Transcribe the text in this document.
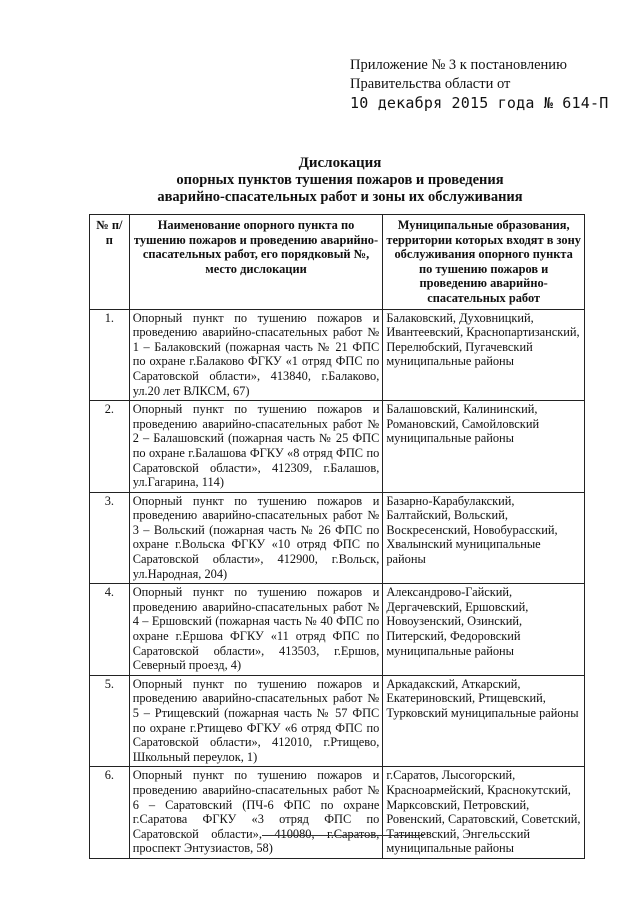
Приложение № 3 к постановлению
Правительства области от
10 декабря 2015 года № 614-П
Дислокация
опорных пунктов тушения пожаров и проведения
аварийно-спасательных работ и зоны их обслуживания
№ п/п	Наименование опорного пункта по тушению пожаров и проведению аварийно-спасательных работ, его порядковый №, место дислокации	Муниципальные образования, территории которых входят в зону обслуживания опорного пункта по тушению пожаров и проведению аварийно-спасательных работ
1.	Опорный пункт по тушению пожаров и проведению аварийно-спасательных работ № 1 – Балаковский (пожарная часть № 21 ФПС по охране г.Балаково ФГКУ «1 отряд ФПС по Саратовской области», 413840, г.Балаково, ул.20 лет ВЛКСМ, 67)	Балаковский, Духовницкий, Ивантеевский, Краснопартизанский, Перелюбский, Пугачевский муниципальные районы
2.	Опорный пункт по тушению пожаров и проведению аварийно-спасательных работ № 2 – Балашовский (пожарная часть № 25 ФПС по охране г.Балашова ФГКУ «8 отряд ФПС по Саратовской области», 412309, г.Балашов, ул.Гагарина, 114)	Балашовский, Калининский, Романовский, Самойловский муниципальные районы
3.	Опорный пункт по тушению пожаров и проведению аварийно-спасательных работ № 3 – Вольский (пожарная часть № 26 ФПС по охране г.Вольска ФГКУ «10 отряд ФПС по Саратовской области», 412900, г.Вольск, ул.Народная, 204)	Базарно-Карабулакский, Балтайский, Вольский, Воскресенский, Новобурасский, Хвалынский муниципальные районы
4.	Опорный пункт по тушению пожаров и проведению аварийно-спасательных работ № 4 – Ершовский (пожарная часть № 40 ФПС по охране г.Ершова ФГКУ «11 отряд ФПС по Саратовской области», 413503, г.Ершов, Северный проезд, 4)	Александрово-Гайский, Дергачевский, Ершовский, Новоузенский, Озинский, Питерский, Федоровский муниципальные районы
5.	Опорный пункт по тушению пожаров и проведению аварийно-спасательных работ № 5 – Ртищевский (пожарная часть № 57 ФПС по охране г.Ртищево ФГКУ «6 отряд ФПС по Саратовской области», 412010, г.Ртищево, Школьный переулок, 1)	Аркадакский, Аткарский, Екатериновский, Ртищевский, Турковский муниципальные районы
6.	Опорный пункт по тушению пожаров и проведению аварийно-спасательных работ № 6 – Саратовский (ПЧ-6 ФПС по охране г.Саратова ФГКУ «3 отряд ФПС по Саратовской области», 410080, г.Саратов, проспект Энтузиастов, 58)	г.Саратов, Лысогорский, Красноармейский, Краснокутский, Марксовский, Петровский, Ровенский, Саратовский, Советский, Татищевский, Энгельсский муниципальные районы
